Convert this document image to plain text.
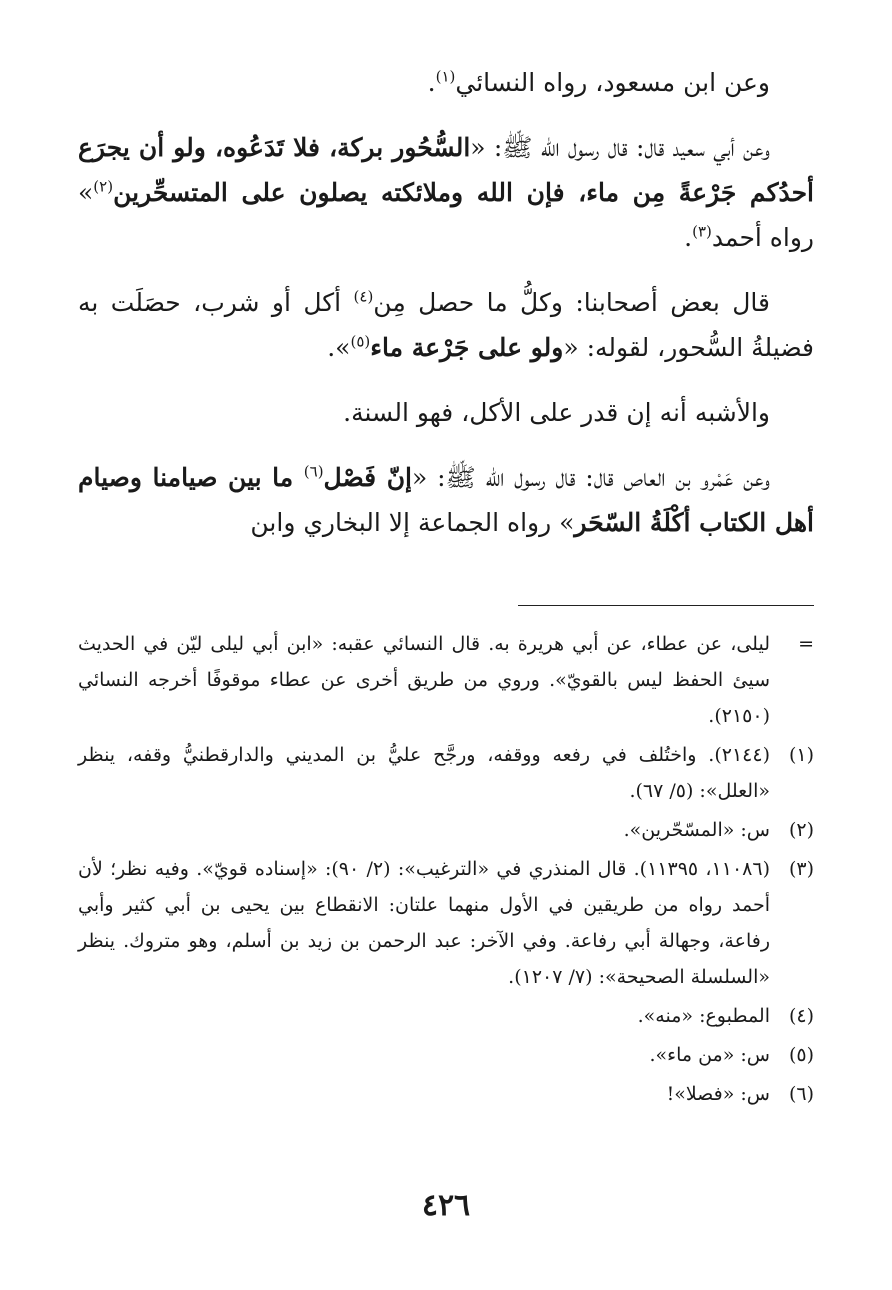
وعن ابن مسعود، رواه النسائي$^{(١)}$.

وعن أبي سعيد قال: قال رسول الله ﷺ: «السُّحُور بركة، فلا تَدَعُوه، ولو أن يجرَع أحدُكم جَرْعةً مِن ماء، فإن الله وملائكته يصلون على المتسحِّرين$^{(٢)}$» رواه أحمد$^{(٣)}$.

قال بعض أصحابنا: وكلُّ ما حصل مِن$^{(٤)}$ أكل أو شرب، حصَلَت به فضيلةُ السُّحور، لقوله: «ولو على جَرْعة ماء$^{(٥)}$».

والأشبه أنه إن قدر على الأكل، فهو السنة.

وعن عَمْرو بن العاص قال: قال رسول الله ﷺ: «إنّ فَصْل$^{(٦)}$ ما بين صيامنا وصيام أهل الكتاب أكْلَةُ السّحَر» رواه الجماعة إلا البخاري وابن

=
ليلى، عن عطاء، عن أبي هريرة به. قال النسائي عقبه: «ابن أبي ليلى ليّن في الحديث سيئ الحفظ ليس بالقويّ». وروي من طريق أخرى عن عطاء موقوفًا أخرجه النسائي (٢١٥٠).
(١)
(٢١٤٤). واختُلف في رفعه ووقفه، ورجَّح عليُّ بن المديني والدارقطنيُّ وقفه، ينظر «العلل»: (٥/ ٦٧).
(٢)
س: «المسّحّرين».
(٣)
(١١٠٨٦، ١١٣٩٥). قال المنذري في «الترغيب»: (٢/ ٩٠): «إسناده قويّ». وفيه نظر؛ لأن أحمد رواه من طريقين في الأول منهما علتان: الانقطاع بين يحيى بن أبي كثير وأبي رفاعة، وجهالة أبي رفاعة. وفي الآخر: عبد الرحمن بن زيد بن أسلم، وهو متروك. ينظر «السلسلة الصحيحة»: (٧/ ١٢٠٧).
(٤)
المطبوع: «منه».
(٥)
س: «من ماء».
(٦)
س: «فصلا»!
٤٢٦
